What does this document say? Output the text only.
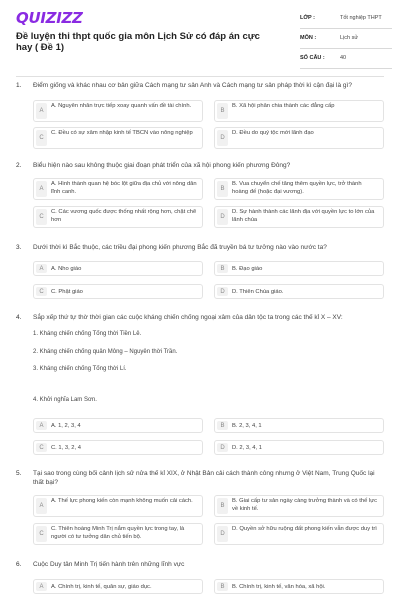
QUIZIZZ
Đề luyện thi thpt quốc gia môn Lịch Sử có đáp án cực hay ( Đề 1)
LỚP :	Tốt nghiệp THPT
MÔN :	Lịch sử
SỐ CÂU :	40
1. Điểm giống và khác nhau cơ bản giữa Cách mạng tư sản Anh và Cách mạng tư sản pháp thời kì cận đại là gì?
A
A. Nguyên nhân trực tiếp xoay quanh vấn đề tài chính.
B
B. Xã hội phân chia thành các đẳng cấp
C
C. Đều có sự xâm nhập kinh tế TBCN vào nông nghiệp
D
D. Đều do quý tộc mới lãnh đạo
2. Biểu hiện nào sau không thuộc giai đoạn phát triển của xã hội phong kiến phương Đông?
A
A. Hình thành quan hệ bóc lột giữa địa chủ với nông dân lĩnh canh.	B
B. Vua chuyển chế tăng thêm quyền lực, trở thành hoàng đế (hoặc đại vương).
C
C. Các vương quốc được thống nhất rộng hơn, chặt chẽ hơn	D
D. Sự hành thành các lãnh địa với quyền lực to lớn của lãnh chúa
3. Dưới thời kì Bắc thuộc, các triều đại phong kiến phương Bắc đã truyền bá tư tưởng nào vào nước ta?
A	A. Nho giáo	B	B. Đạo giáo
C	C. Phật giáo	D	D. Thiên Chúa giáo.
4. Sắp xếp thứ tự thờ thời gian các cuộc kháng chiến chống ngoại xâm của dân tộc ta trong các thế kỉ X – XV:
1. Kháng chiến chống Tống thời Tiền Lê.
2. Kháng chiến chống quân Mông – Nguyên thời Trần.
3. Kháng chiến chống Tống thời Lí.
4. Khởi nghĩa Lam Sơn.
A	A. 1, 2, 3, 4	B	B. 2, 3, 4, 1
C	C. 1, 3, 2, 4	D	D. 2, 3, 4, 1
5. Tại sao trong cùng bối cảnh lịch sử nửa thế kỉ XIX, ở Nhật Bản cải cách thành công nhưng ở Việt Nam, Trung Quốc lại thất bại?
A
A. Thế lực phong kiến còn mạnh không muốn cải cách.
B
B. Giai cấp tư sản ngày càng trưởng thành và có thế lực về kinh tế.
C
C. Thiên hoàng Minh Trị nắm quyền lực trong tay, là người có tư tưởng dân chủ tiến bộ.	D
D. Quyền sở hữu ruộng đất phong kiến vẫn được duy trì
6. Cuộc Duy tân Minh Trị tiến hành trên những lĩnh vực
A	A. Chính trị, kinh tế, quân sự, giáo dục.	B	B. Chính trị, kinh tế, văn hóa, xã hội.
